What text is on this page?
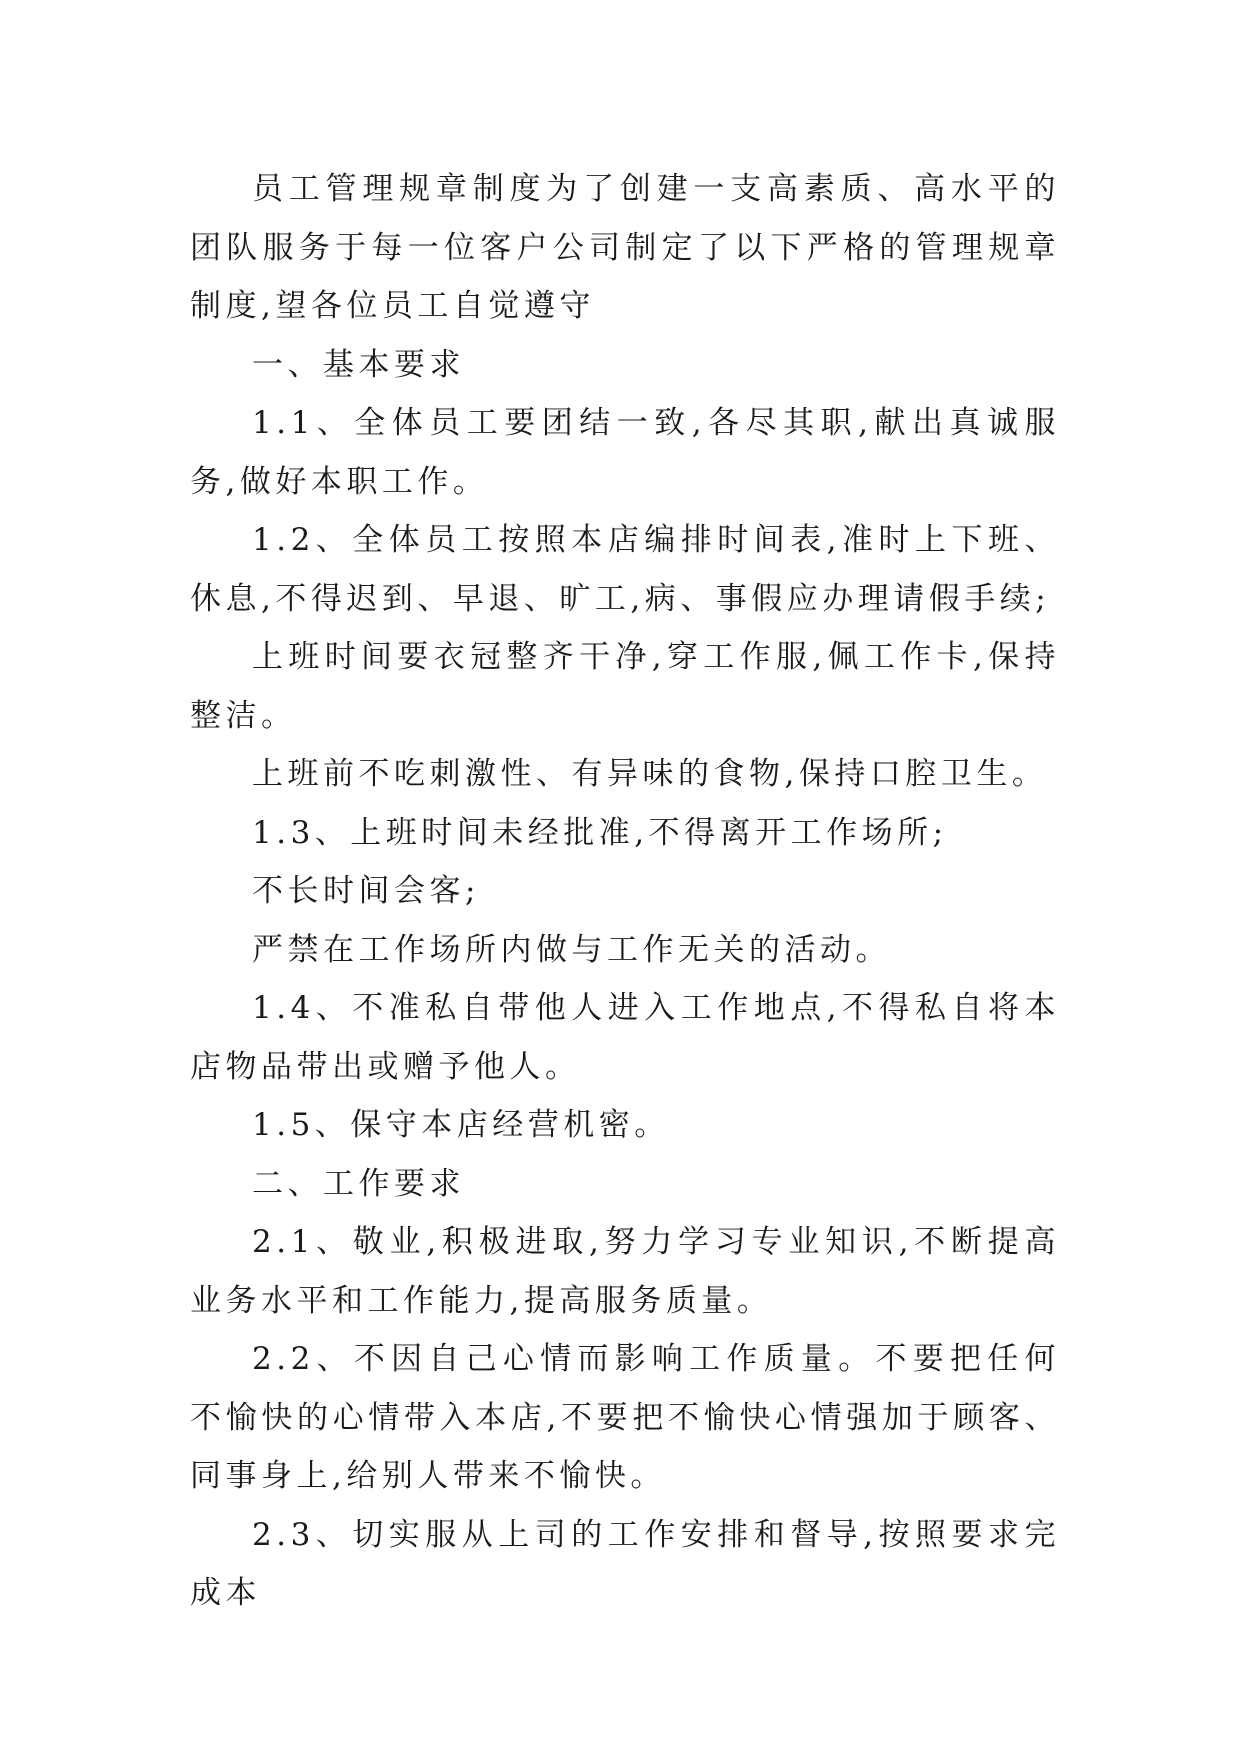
员工管理规章制度为了创建一支高素质、高水平的团队服务于每一位客户公司制定了以下严格的管理规章制度,望各位员工自觉遵守

一、基本要求

1.1、全体员工要团结一致,各尽其职,献出真诚服务,做好本职工作。

1.2、全体员工按照本店编排时间表,准时上下班、休息,不得迟到、早退、旷工,病、事假应办理请假手续;

上班时间要衣冠整齐干净,穿工作服,佩工作卡,保持整洁。

上班前不吃刺激性、有异味的食物,保持口腔卫生。

1.3、上班时间未经批准,不得离开工作场所;

不长时间会客;

严禁在工作场所内做与工作无关的活动。

1.4、不准私自带他人进入工作地点,不得私自将本店物品带出或赠予他人。

1.5、保守本店经营机密。

二、工作要求

2.1、敬业,积极进取,努力学习专业知识,不断提高业务水平和工作能力,提高服务质量。

2.2、不因自己心情而影响工作质量。不要把任何不愉快的心情带入本店,不要把不愉快心情强加于顾客、同事身上,给别人带来不愉快。

2.3、切实服从上司的工作安排和督导,按照要求完成本
